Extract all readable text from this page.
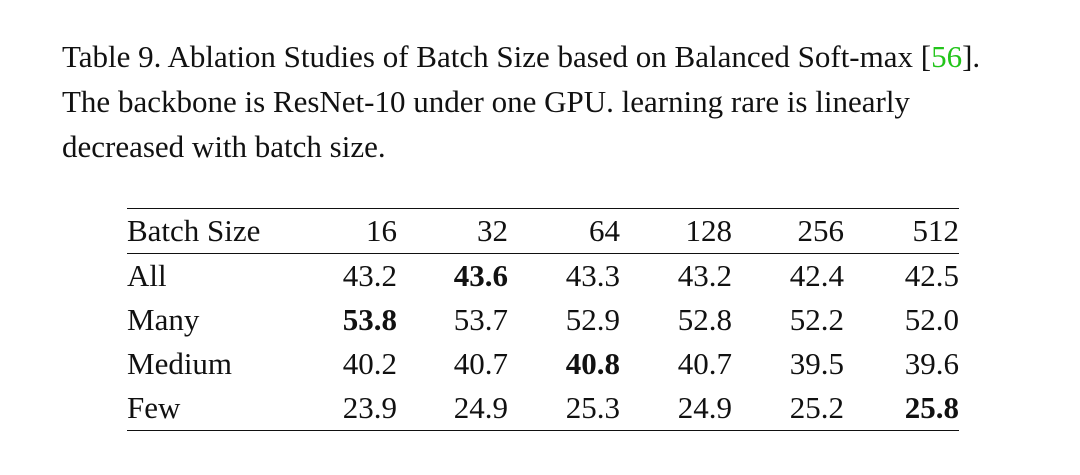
Table 9. Ablation Studies of Batch Size based on Balanced Soft-max [56]. The backbone is ResNet-10 under one GPU. learning rare is linearly decreased with batch size.
Batch Size	16	32	64	128	256	512
All	43.2	43.6	43.3	43.2	42.4	42.5
Many	53.8	53.7	52.9	52.8	52.2	52.0
Medium	40.2	40.7	40.8	40.7	39.5	39.6
Few	23.9	24.9	25.3	24.9	25.2	25.8
